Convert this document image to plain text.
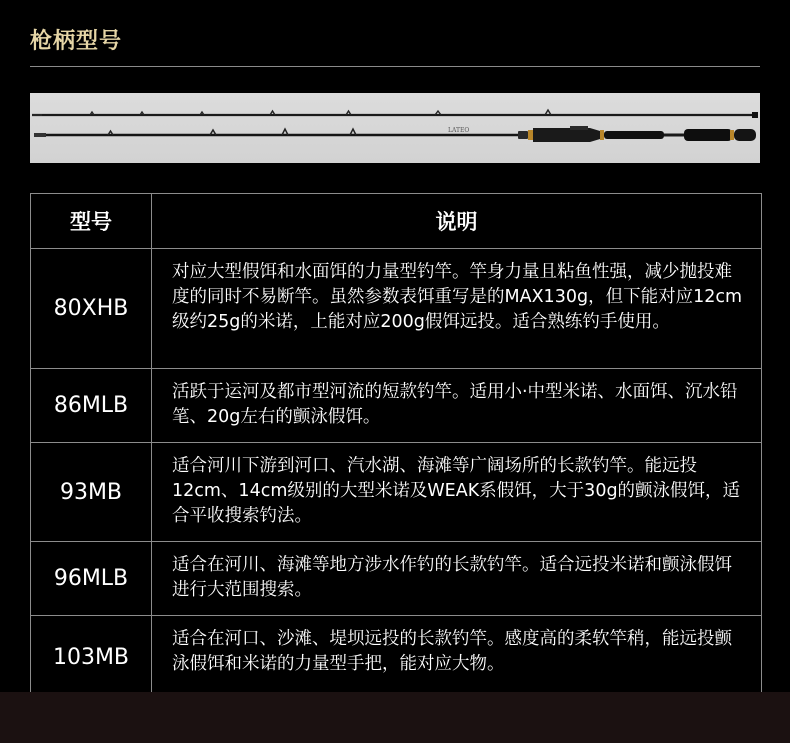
枪柄型号
LATEO
型号	说明
80XHB	对应大型假饵和水面饵的力量型钓竿。竿身力量且粘鱼性强，减少抛投难度的同时不易断竿。虽然参数表饵重写是的MAX130g，但下能对应12cm级约25g的米诺，上能对应200g假饵远投。适合熟练钓手使用。
86MLB	活跃于运河及都市型河流的短款钓竿。适用小·中型米诺、水面饵、沉水铅笔、20g左右的颤泳假饵。
93MB	适合河川下游到河口、汽水湖、海滩等广阔场所的长款钓竿。能远投12cm、14cm级别的大型米诺及WEAK系假饵，大于30g的颤泳假饵，适合平收搜索钓法。
96MLB	适合在河川、海滩等地方涉水作钓的长款钓竿。适合远投米诺和颤泳假饵进行大范围搜索。
103MB	适合在河口、沙滩、堤坝远投的长款钓竿。感度高的柔软竿稍，能远投颤泳假饵和米诺的力量型手把，能对应大物。
